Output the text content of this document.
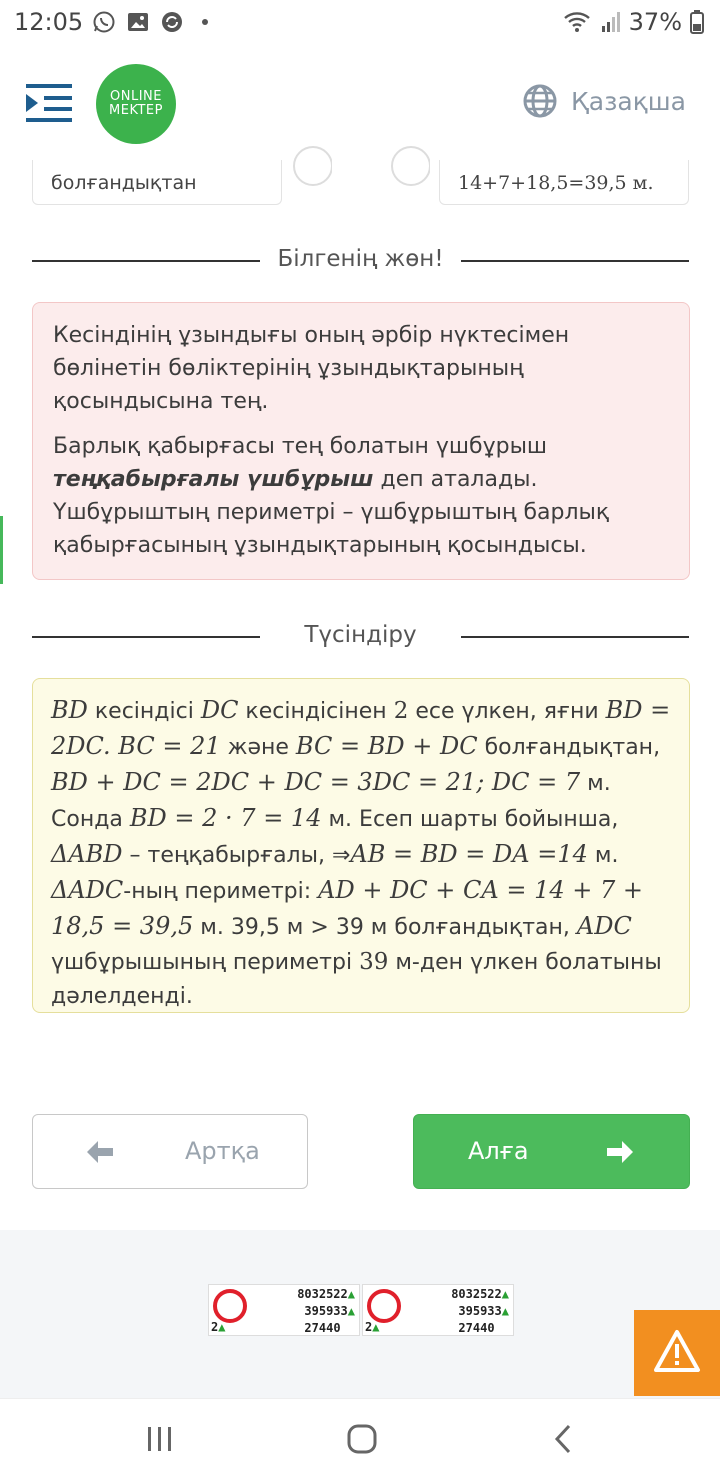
12:05	37%
ONLINE
MEKTEP	Қазақша
болғандықтан	14+7+18,5=39,5 м.
Білгенің жөн!

Кесіндінің ұзындығы оның әрбір нүктесімен бөлінетін бөліктерінің ұзындықтарының қосындысына тең.

Барлық қабырғасы тең болатын үшбұрыш теңқабырғалы үшбұрыш деп аталады. Үшбұрыштың периметрі – үшбұрыштың барлық қабырғасының ұзындықтарының қосындысы.

Түсіндіру
BD кесіндісі DC кесіндісінен 2 есе үлкен, яғни BD = 2DC. BC = 21 және BC = BD + DC болғандықтан, BD + DC = 2DC + DC = 3DC = 21; DC = 7 м. Сонда BD = 2 · 7 = 14 м. Есеп шарты бойынша, ΔABD – теңқабырғалы, ⇒AB = BD = DA =14 м. ΔADC-ның периметрі: AD + DC + CA = 14 + 7 + 18,5 = 39,5 м. 39,5 м > 39 м болғандықтан, ADC үшбұрышының периметрі 39 м-ден үлкен болатыны дәлелденді.
Артқа	Алға
8032522▲
395933▲
27440
2▲
8032522▲
395933▲
27440
2▲
